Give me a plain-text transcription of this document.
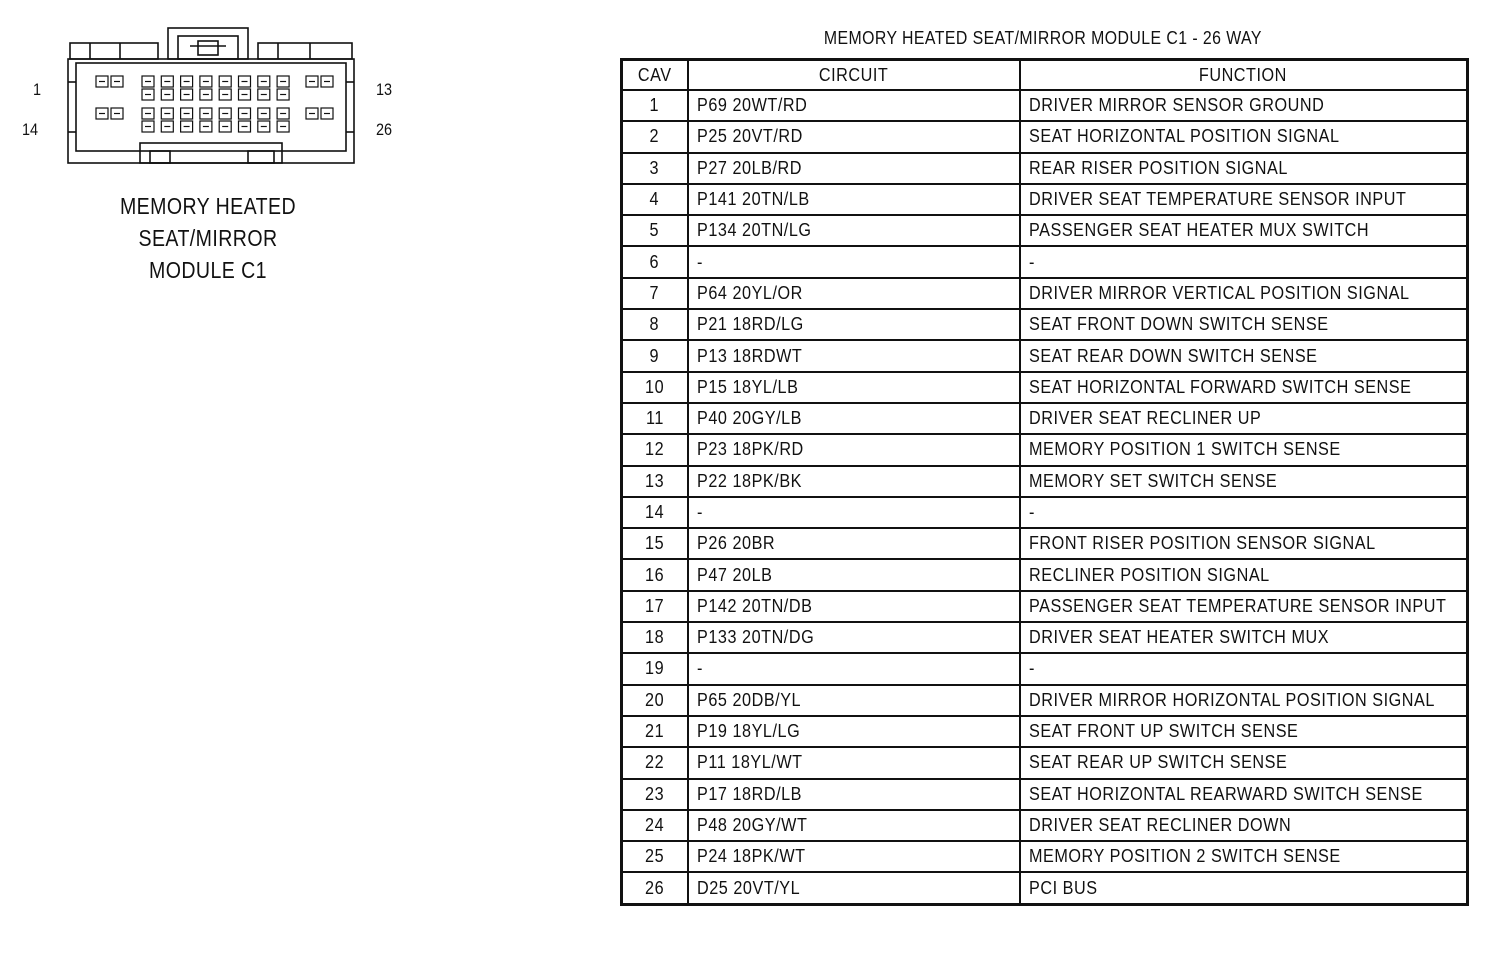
1
14
13
26
MEMORY HEATED
SEAT/MIRROR
MODULE C1
MEMORY HEATED SEAT/MIRROR MODULE C1 - 26 WAY
CAV	CIRCUIT	FUNCTION
1	P69 20WT/RD	DRIVER MIRROR SENSOR GROUND
2	P25 20VT/RD	SEAT HORIZONTAL POSITION SIGNAL
3	P27 20LB/RD	REAR RISER POSITION SIGNAL
4	P141 20TN/LB	DRIVER SEAT TEMPERATURE SENSOR INPUT
5	P134 20TN/LG	PASSENGER SEAT HEATER MUX SWITCH
6	-	-
7	P64 20YL/OR	DRIVER MIRROR VERTICAL POSITION SIGNAL
8	P21 18RD/LG	SEAT FRONT DOWN SWITCH SENSE
9	P13 18RDWT	SEAT REAR DOWN SWITCH SENSE
10	P15 18YL/LB	SEAT HORIZONTAL FORWARD SWITCH SENSE
11	P40 20GY/LB	DRIVER SEAT RECLINER UP
12	P23 18PK/RD	MEMORY POSITION 1 SWITCH SENSE
13	P22 18PK/BK	MEMORY SET SWITCH SENSE
14	-	-
15	P26 20BR	FRONT RISER POSITION SENSOR SIGNAL
16	P47 20LB	RECLINER POSITION SIGNAL
17	P142 20TN/DB	PASSENGER SEAT TEMPERATURE SENSOR INPUT
18	P133 20TN/DG	DRIVER SEAT HEATER SWITCH MUX
19	-	-
20	P65 20DB/YL	DRIVER MIRROR HORIZONTAL POSITION SIGNAL
21	P19 18YL/LG	SEAT FRONT UP SWITCH SENSE
22	P11 18YL/WT	SEAT REAR UP SWITCH SENSE
23	P17 18RD/LB	SEAT HORIZONTAL REARWARD SWITCH SENSE
24	P48 20GY/WT	DRIVER SEAT RECLINER DOWN
25	P24 18PK/WT	MEMORY POSITION 2 SWITCH SENSE
26	D25 20VT/YL	PCI BUS
